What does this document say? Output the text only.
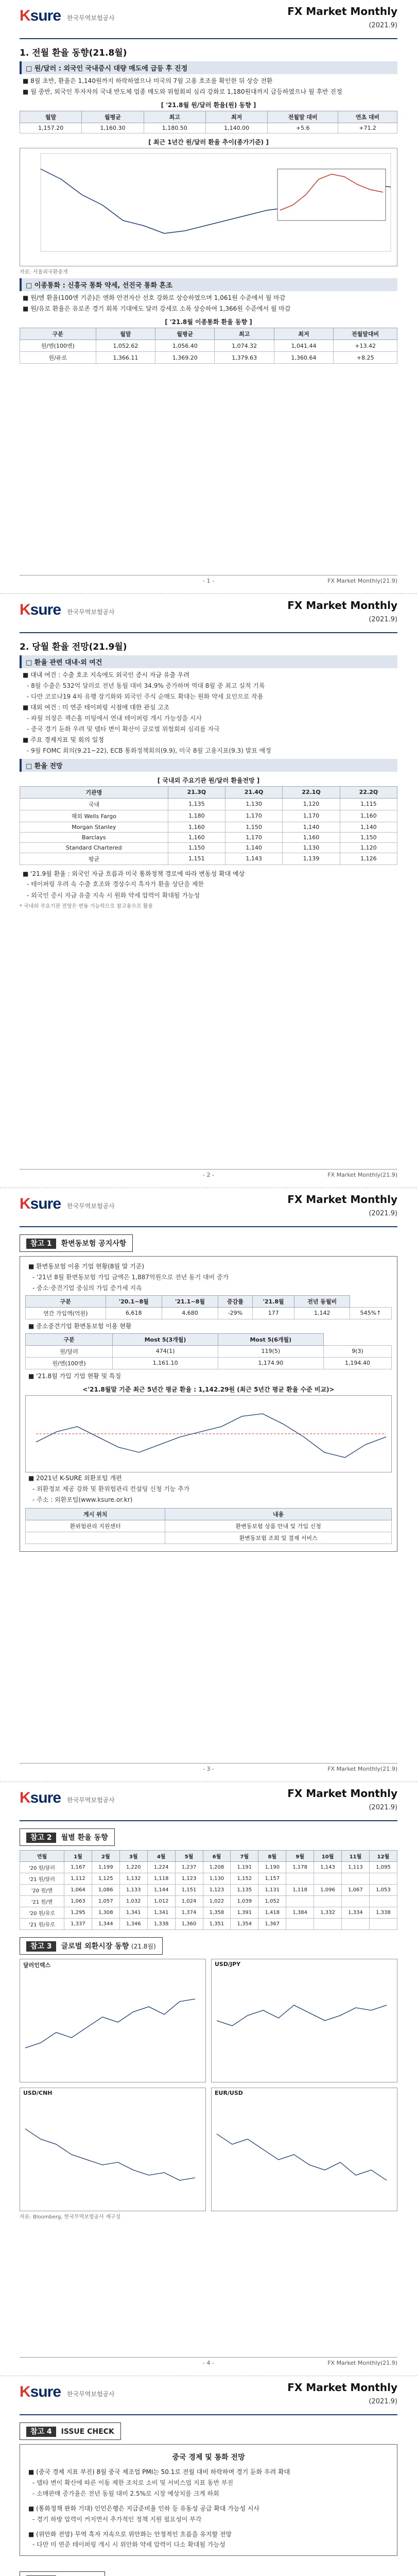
Ksure 한국무역보험공사
FX Market Monthly
(2021.9)
1. 전월 환율 동향(21.8월)
□ 원/달러 : 외국인 국내증시 대량 매도에 급등 후 진정
■ 8월 초반, 환율은 1,140원까지 하락하였으나 미국의 7월 고용 호조를 확인한 뒤 상승 전환
■ 월 중반, 외국인 투자자의 국내 반도체 업종 매도와 위험회피 심리 강화로 1,180원대까지 급등하였으나 월 후반 진정
[ '21.8월 원/달러 환율(원) 동향 ]
월말	월평균	최고	최저	전월말 대비	연초 대비
1,157.20	1,160.30	1,180.50	1,140.00	+5.6	+71.2
[ 최근 1년간 원/달러 환율 추이(종가기준) ]
자료: 서울외국환중개
□ 이종통화 : 신흥국 통화 약세, 선진국 통화 혼조
■ 원/엔 환율(100엔 기준)은 엔화 안전자산 선호 강화로 상승하였으며 1,061원 수준에서 월 마감
■ 원/유로 환율은 유로존 경기 회복 기대에도 달러 강세로 소폭 상승하여 1,366원 수준에서 월 마감
[ '21.8월 이종통화 환율 동향 ]
구분	월말	월평균	최고	최저	전월말대비
원/엔(100엔)	1,052.62	1,056.40	1,074.32	1,041.44	+13.42
원/유로	1,366.11	1,369.20	1,379.63	1,360.64	+8.25
- 1 -	FX Market Monthly(21.9)
Ksure 한국무역보험공사
FX Market Monthly
(2021.9)
2. 당월 환율 전망(21.9월)
□ 환율 관련 대내·외 여건
■ 대내 여건 : 수출 호조 지속에도 외국인 증시 자금 유출 우려
- 8월 수출은 532억 달러로 전년 동월 대비 34.9% 증가하며 역대 8월 중 최고 실적 기록
- 다만 코로나19 4차 유행 장기화와 외국인 주식 순매도 확대는 원화 약세 요인으로 작용
■ 대외 여건 : 미 연준 테이퍼링 시점에 대한 관심 고조
- 파월 의장은 잭슨홀 미팅에서 연내 테이퍼링 개시 가능성을 시사
- 중국 경기 둔화 우려 및 델타 변이 확산이 글로벌 위험회피 심리를 자극
■ 주요 경제지표 및 회의 일정
- 9월 FOMC 회의(9.21~22), ECB 통화정책회의(9.9), 미국 8월 고용지표(9.3) 발표 예정
□ 환율 전망
[ 국내외 주요기관 원/달러 환율전망 ]
기관명	21.3Q	21.4Q	22.1Q	22.2Q
국내	1,135	1,130	1,120	1,115
해외 Wells Fargo	1,180	1,170	1,170	1,160
Morgan Stanley	1,160	1,150	1,140	1,140
Barclays	1,160	1,170	1,160	1,150
Standard Chartered	1,150	1,140	1,130	1,120
평균	1,151	1,143	1,139	1,126
■ '21.9월 환율 : 외국인 자금 흐름과 미국 통화정책 경로에 따라 변동성 확대 예상
- 테이퍼링 우려 속 수출 호조와 경상수지 흑자가 환율 상단을 제한
- 외국인 증시 자금 유출 지속 시 원화 약세 압력이 확대될 가능성
* 국내외 주요기관 전망은 변동 가능하므로 참고용으로 활용
- 2 -	FX Market Monthly(21.9)
Ksure 한국무역보험공사
FX Market Monthly
(2021.9)
참고 1 환변동보험 공지사항
■ 환변동보험 이용 기업 현황(8월 말 기준)
- '21년 8월 환변동보험 가입 금액은 1,887억원으로 전년 동기 대비 증가
- 중소·중견기업 중심의 가입 증가세 지속
구분	'20.1~8월	'21.1~8월	증감률	'21.8월	전년 동월비	
연간 가입액(억원)	6,618	4,680	-29%	177	1,142	545%↑
■ 중소중견기업 환변동보험 이용 현황
구분	Most 5(3개월)	Most 5(6개월)	
원/달러	474(1)	119(5)	9(3)
원/엔(100엔)	1,161.10	1,174.90	1,194.40
■ '21.8월 가입 기업 현황 및 특징
<'21.8월말 기준 최근 5년간 평균 환율 : 1,142.29원 (최근 5년간 평균 환율 수준 비교)>
■ 2021년 K-SURE 외환포털 개편
- 외환정보 제공 강화 및 환위험관리 컨설팅 신청 기능 추가
- 주소 : 외환포털(www.ksure.or.kr)
게시 위치	내용
환위험관리 지원센터	환변동보험 상품 안내 및 가입 신청
	환변동보험 조회 및 결제 서비스
- 3 -	FX Market Monthly(21.9)
Ksure 한국무역보험공사
FX Market Monthly
(2021.9)
참고 2 월별 환율 동향
연월	1월	2월	3월	4월	5월	6월	7월	8월	9월	10월	11월	12월
'20 원/달러	1,167	1,199	1,220	1,224	1,237	1,208	1,191	1,190	1,178	1,143	1,113	1,095
'21 원/달러	1,112	1,125	1,132	1,118	1,123	1,130	1,152	1,157				
'20 원/엔	1,064	1,086	1,133	1,144	1,151	1,123	1,135	1,131	1,118	1,096	1,067	1,053
'21 원/엔	1,063	1,057	1,032	1,012	1,024	1,022	1,039	1,052				
'20 원/유로	1,295	1,308	1,341	1,341	1,374	1,358	1,391	1,418	1,384	1,332	1,334	1,338
'21 원/유로	1,337	1,344	1,346	1,338	1,360	1,351	1,354	1,367				
참고 3 글로벌 외환시장 동향 (21.8월)
달러인덱스	USD/JPY
USD/CNH	EUR/USD
자료: Bloomberg, 한국무역보험공사 재구성
- 4 -	FX Market Monthly(21.9)
Ksure 한국무역보험공사
FX Market Monthly
(2021.9)
참고 4 ISSUE CHECK
중국 경제 및 통화 전망
■ (중국 경제 지표 부진) 8월 중국 제조업 PMI는 50.1로 전월 대비 하락하며 경기 둔화 우려 확대
- 델타 변이 확산에 따른 이동 제한 조치로 소비 및 서비스업 지표 동반 부진
- 소매판매 증가율은 전년 동월 대비 2.5%로 시장 예상치를 크게 하회
■ (통화정책 완화 기대) 인민은행은 지급준비율 인하 등 유동성 공급 확대 가능성 시사
- 경기 하방 압력이 커지면서 추가적인 정책 지원 필요성이 부각
■ (위안화 전망) 무역 흑자 지속으로 위안화는 안정적인 흐름을 유지할 전망
- 다만 미 연준 테이퍼링 개시 시 위안화 약세 압력이 다소 확대될 가능성
